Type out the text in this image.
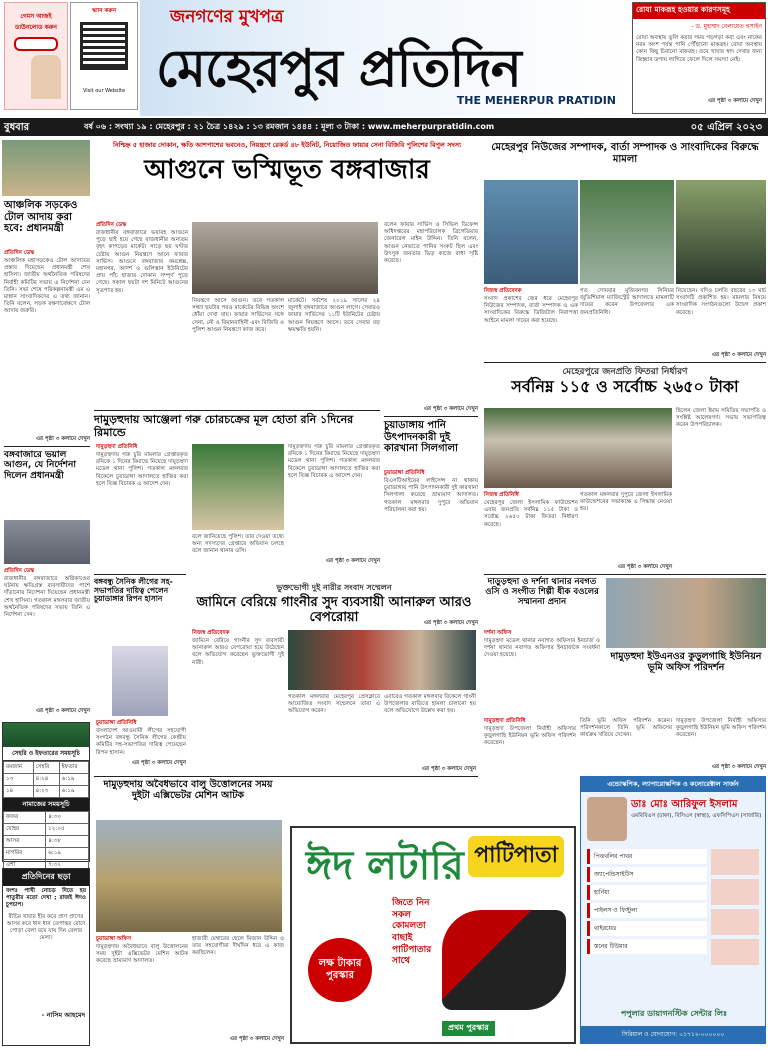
গেমস আজই
ডাউনলোড করুন
স্ক্যান করুন
Visit our Website
জনগণের মুখপত্র
মেহেরপুর প্রতিদিন
THE MEHERPUR PRATIDIN
রোযা মাকরূহ হওয়ার কারণসমূহ
- ড. মুহাম্মদ বেলায়েত হুসাইন
রোযা অবস্থায় ভুলি করার সময় গড়গড়া করা এবং নাকের নরম অংশ পর্যন্ত পানি পৌঁছানো মাকরূহ। রোযা অবস্থায় কোন কিছু চিবানো মাকরূহ। তবে খাবার স্বাদ দেখার জন্য জিহ্বার ডগায় লাগিয়ে ফেলে দিলে সমস্যা নেই।
এর পৃষ্ঠা ৩ কলামে দেখুন
বুধবার	বর্ষ ০৬ : সংখ্যা ১৯ : মেহেরপুর : ২১ চৈত্র ১৪২৯ : ১৩ রমজান ১৪৪৪ : মূল্য ৩ টাকা : www.meherpurpratidin.com	০৫ এপ্রিল ২০২৩
আঞ্চলিক সড়কেও টোল আদায় করা হবে: প্রধানমন্ত্রী
প্রতিদিন ডেস্ক
আঞ্চলিক মহাসড়কেও টোল আদায়ের প্রস্তাব দিয়েছেন প্রধানমন্ত্রী শেখ হাসিনা। জাতীয় অর্থনৈতিক পরিষদের নির্বাহী কমিটির সভায় এ নির্দেশনা দেন তিনি। সভা শেষে পরিকল্পনামন্ত্রী এম এ মান্নান সাংবাদিকদের এ তথ্য জানান। তিনি বলেন, সড়ক রক্ষণাবেক্ষণে টোল আদায় জরুরি।
এর পৃষ্ঠা ৩ কলামে দেখুন
বঙ্গবাজারে ভয়াল আগুন, যে নির্দেশনা দিলেন প্রধানমন্ত্রী
প্রতিদিন ডেস্ক
রাজধানীর বঙ্গবাজারে অগ্নিকাণ্ডের ঘটনায় ক্ষতিগ্রস্ত ব্যবসায়ীদের পাশে দাঁড়ানোর নির্দেশনা দিয়েছেন প্রধানমন্ত্রী শেখ হাসিনা। গতকাল মঙ্গলবার জাতীয় অর্থনৈতিক পরিষদের সভায় তিনি এ নির্দেশনা দেন।
এর পৃষ্ঠা ৩ কলামে দেখুন
সেহরি ও ইফতারের সময়সূচি
রমজান	সেহরি	ইফতার
১৩	৪:২৪	৬:১৯
১৪	৪:২৩	৬:১৯
নামাজের সময়সূচি
ফজর	৪:৩০
যোহর	১২:০৫
আসর	৪:৩৮
মাগরিব	৬:১৯
এশা	৭:৩২
প্রতিদিনের ছড়া
বংশঃ পাখী নোচড় দিতে হয় পাতুরীর মতো দেখা ; রাজই ঈদও চুপচাপ।
বীচির খাবার হীর করে প্রাণ প্রাণের আসর করে ধান ধান তেপান্তর রোদে পোড়া বেলা বয়ে যায় দিন বেলার মেলা।
- নাসিম আহমেদ
নিশ্চিহ্ন ৫ হাজার দোকান, ক্ষতি আশপাশের ভবনেও, নিয়ন্ত্রণে রেকর্ড ৪৮ ইউনিট, নিয়োজিত ফায়ার সেনা বিজিবি পুলিশের বিপুল সদস্য
আগুনে ভস্মিভূত বঙ্গবাজার
প্রতিদিন ডেস্ক
রাজধানীর বঙ্গবাজারে ভয়াবহ আগুনে পুড়ে ছাই হয়ে গেছে রাজধানীর অন্যতম বৃহৎ কাপড়ের মার্কেট। সাড়ে ছয় ঘণ্টার চেষ্টায় আগুন নিয়ন্ত্রণে আনে ফায়ার সার্ভিস। আগুনে বঙ্গবাজার কমপ্লেক্স, মহানগর, আদর্শ ও গুলিস্তান ইউনিটের প্রায় পাঁচ হাজার দোকান সম্পূর্ণ পুড়ে গেছে। সকাল ছয়টা দশ মিনিটে আগুনের সূত্রপাত হয়।
নিয়ন্ত্রণে আসে আগুন। তবে গতকাল সন্ধ্যা ছয়টার পরও মার্কেটের বিভিন্ন অংশে ধোঁয়া দেখা যায়। ফায়ার সার্ভিসের সঙ্গে সেনা, নৌ ও বিমানবাহিনী এবং বিজিবি ও পুলিশ আগুন নিয়ন্ত্রণে কাজ করে।
মার্কেটে। সর্বশেষ ২০১৯ সালের ২৪ জুলাই বঙ্গবাজারে আগুন লাগে। সেবারও ফায়ার সার্ভিসের ১১টি ইউনিটের চেষ্টায় আগুন নিয়ন্ত্রণে আসে। তবে সেবার বড় ক্ষয়ক্ষতি হয়নি।
বলেন ফায়ার সার্ভিস ও সিভিল ডিফেন্স অধিদপ্তরের মহাপরিচালক ব্রিগেডিয়ার জেনারেল মাইন উদ্দিন। তিনি বলেন, আগুন নেভাতে পানির সংকট ছিল এবং উৎসুক জনতার ভিড় কাজে বাধা সৃষ্টি করেছে।
এর পৃষ্ঠা ৩ কলামে দেখুন
চুয়াডাঙ্গায় পানি উৎপাদনকারী দুই কারখানা সিলগালা
চুয়াডাঙ্গা প্রতিনিধি
বিএসটিআইয়ের লাইসেন্স না থাকায় চুয়াডাঙ্গায় পানি উৎপাদনকারী দুই কারখানা সিলগালা করেছে ভ্রাম্যমাণ আদালত। গতকাল মঙ্গলবার দুপুরে অভিযান পরিচালনা করা হয়।
এর পৃষ্ঠা ৩ কলামে দেখুন
দামুড়হুদায় আঞ্জেলা গরু চোরচক্রের মূল হোতা রনি ১দিনের রিমান্ডে
দামুড়হুদা প্রতিনিধি
দামুড়হুদায় গরু চুরি মামলার গ্রেপ্তারকৃত রনিকে ১ দিনের রিমান্ডে নিয়েছে দামুড়হুদা মডেল থানা পুলিশ। গতকাল মঙ্গলবার বিকেলে চুয়াডাঙ্গা আদালতে হাজির করা হলে বিজ্ঞ বিচারক এ আদেশ দেন।
বলে জানিয়েছে পুলিশ। তার দেওয়া তথ্যে অন্য সদস্যদের গ্রেপ্তারে অভিযান চলছে বলে জানান থানার ওসি।
দামুড়হুদায় গরু চুরি মামলার গ্রেপ্তারকৃত রনিকে ১ দিনের রিমান্ডে নিয়েছে দামুড়হুদা মডেল থানা পুলিশ। গতকাল মঙ্গলবার বিকেলে চুয়াডাঙ্গা আদালতে হাজির করা হলে বিজ্ঞ বিচারক এ আদেশ দেন।
এর পৃষ্ঠা ৩ কলামে দেখুন
বঙ্গবন্ধু সৈনিক লীগের সহ-সভাপতির দায়িত্ব পেলেন চুয়াডাঙ্গার রিপন হাসান
চুয়াডাঙ্গা প্রতিনিধি
বাংলাদেশ আওয়ামী লীগের সহযোগী সংগঠন বঙ্গবন্ধু সৈনিক লীগের কেন্দ্রীয় কমিটির সহ-সভাপতির দায়িত্ব পেয়েছেন রিপন হাসান।
এর পৃষ্ঠা ৩ কলামে দেখুন
ভুক্তভোগী দুই নারীর সংবাদ সম্মেলন
জামিনে বেরিয়ে গাংনীর সুদ ব্যবসায়ী আনারুল আরও বেপরোয়া
নিজস্ব প্রতিবেদক
জামিনে বেরিয়ে গাংনীর সুদ ব্যবসায়ী আনারুল আরও বেপরোয়া হয়ে উঠেছেন বলে অভিযোগ করেছেন ভুক্তভোগী দুই নারী।
গতকাল মঙ্গলবার মেহেরপুর প্রেসক্লাবে আয়োজিত সংবাদ সম্মেলনে তারা এ অভিযোগ করেন।
এবারেও গতকাল মঙ্গলবার বিকেলে গাংনী উপজেলার বাড়িতে হামলা চালানো হয় বলে অভিযোগে উল্লেখ করা হয়।
এর পৃষ্ঠা ৩ কলামে দেখুন
দামুড়হুদায় অবৈধভাবে বালু উত্তোলনের সময় দুইটা এক্সিভেটর মেশিন আটক
চুয়াডাঙ্গা অফিস
দামুড়হুদায় অবৈধভাবে বালু উত্তোলনের সময় দুইটা এক্সিভেটর মেশিন আটক করেছে ভ্রাম্যমাণ আদালত।
হাজারী মেম্বারের ছেলে মিজান উদ্দিন ও তার সহযোগীরা দীর্ঘদিন ধরে এ কাজ করছিলেন।
এর পৃষ্ঠা ৩ কলামে দেখুন
ঈদ লটারি পাটিপাতা
লক্ষ টাকার পুরস্কার
জিতে নিন সকল কোমলতা বাছাই পাটিপাতার সাথে
প্রথম পুরস্কার
মেহেরপুর নিউজের সম্পাদক, বার্তা সম্পাদক ও সাংবাদিকের বিরুদ্ধে মামলা
নিজস্ব প্রতিবেদক
সংবাদ প্রকাশের জের ধরে মেহেরপুর নিউজের সম্পাদক, বার্তা সম্পাদক ও এক সাংবাদিকের বিরুদ্ধে ডিজিটাল নিরাপত্তা আইনে মামলা দায়ের করা হয়েছে।
গত সোমবার মুজিবনগর সিনিয়র জুডিশিয়াল ম্যাজিস্ট্রেট আদালতে মামলাটি দায়ের করেন উপজেলার এক জনপ্রতিনিধি।
নিয়েছেন। যদিও চলতি বছরের ১৩ মার্চ সংবাদটি প্রকাশিত হয়। মামলার বিষয়ে সাংবাদিক সংগঠনগুলো উদ্বেগ প্রকাশ করেছে।
এর পৃষ্ঠা ৩ কলামে দেখুন
মেহেরপুরে জনপ্রতি ফিতরা নির্ধারণ
সর্বনিম্ন ১১৫ ও সর্বোচ্চ ২৬৫০ টাকা
ছিলেন জেলা ইমাম সমিতির সভাপতি ও সংশ্লিষ্ট আলেমগণ। সভায় সভাপতিত্ব করেন উপপরিচালক।
নিজস্ব প্রতিনিধি
মেহেরপুর জেলা ইসলামিক ফাউন্ডেশন এবার জনপ্রতি সর্বনিম্ন ১১৫ টাকা ও সর্বোচ্চ ২৬৫০ টাকা ফিতরা নির্ধারণ করেছে।
গতকাল মঙ্গলবার দুপুরে জেলা ইসলামিক ফাউন্ডেশনের সভাকক্ষে এ সিদ্ধান্ত নেওয়া হয়।
এর পৃষ্ঠা ৩ কলামে দেখুন
দাড়ুড়হুদা ও দর্শনা থানার নবগত ওসি ও সংগীত শিল্পী ধীক বওলের সম্মাননা প্রদান
দর্শনা অফিস
দামুড়হুদা মডেল থানার নবাগত অফিসার ইনচার্জ ও দর্শনা থানার নবাগত অফিসার ইনচার্জকে সংবর্ধনা দেওয়া হয়েছে।	দামুড়হুদা ইউএনওর কুড়ুলগাছি ইউনিয়ন ভূমি অফিস পরিদর্শন
দামুড়হুদা প্রতিনিধি
দামুড়হুদা উপজেলা নির্বাহী অফিসার কুড়ুলগাছি ইউনিয়ন ভূমি অফিস পরিদর্শন করেছেন।
তিনি ভূমি অফিস পরিদর্শন করেন। পরিদর্শনকালে তিনি ভূমি অফিসের কার্যক্রম খতিয়ে দেখেন।
দামুড়হুদা উপজেলা নির্বাহী অফিসার কুড়ুলগাছি ইউনিয়ন ভূমি অফিস পরিদর্শন করেছেন।
এর পৃষ্ঠা ৩ কলামে দেখুন
এন্ডোস্কপিক, ল্যাপারোস্কপিক ও কলোরেক্টাল সার্জন
ডাঃ মোঃ আরিফুল ইসলাম
এমবিবিএস (ঢাকা), বিসিএস (স্বাস্থ্য), এফসিপিএস (সার্জারি)
পিত্তথলির পাথর
অ্যাপেন্ডিসাইটিস
হার্নিয়া
পাইলস ও ফিস্টুলা
থাইরয়েড
স্তনের টিউমার
পপুলার ডায়াগনস্টিক সেন্টার লিঃ
সিরিয়াল ও যোগাযোগ: ০১৭১২-০০০০০০
